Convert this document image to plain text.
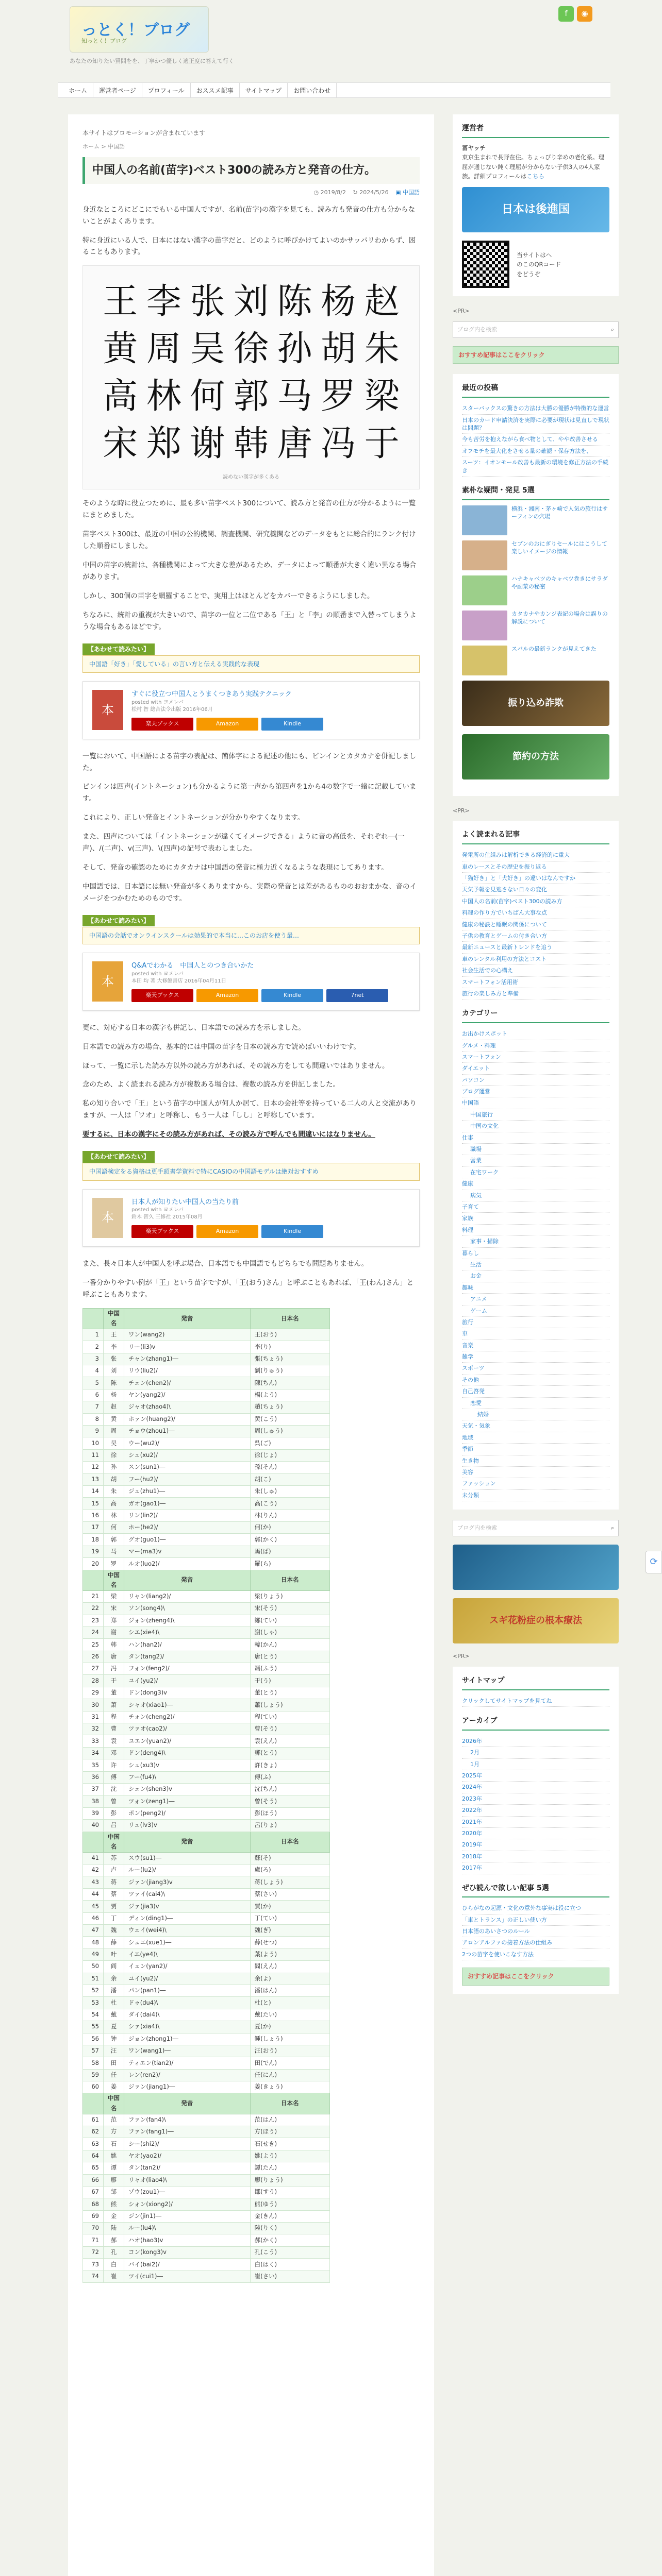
っとく！ブログ
知っとく！ブログ
あなたの知りたい質問をを、丁寧かつ優しく適正度に答えて行く
f	◉
ホーム	運営者ページ	プロフィール	おススメ記事	サイトマップ	お問い合わせ
本サイトはプロモーションが含まれています
ホーム > 中国語
中国人の名前(苗字)ベスト300の読み方と発音の仕方。
◷ 2019/8/2 ↻ 2024/5/26 ▣ 中国語

身近なところにどこにでもいる中国人ですが、名前(苗字)の漢字を見ても、読み方も発音の仕方も分からないことがよくあります。

特に身近にいる人で、日本にはない漢字の苗字だと、どのように呼びかけてよいのかサッパリわからず、困ることもあります。

王 李 张 刘 陈 杨 赵
黄 周 吴 徐 孙 胡 朱
高 林 何 郭 马 罗 梁
宋 郑 谢 韩 唐 冯 于
読めない漢字が多くある

そのような時に役立つために、最も多い苗字ベスト300について、読み方と発音の仕方が分かるように一覧にまとめました。

苗字ベスト300は、最近の中国の公的機関、調査機関、研究機関などのデータをもとに総合的にランク付けした順番にしました。

中国の苗字の統計は、各種機関によって大きな差があるため、データによって順番が大きく違い異なる場合があります。

しかし、300個の苗字を網羅することで、実用上はほとんどをカバーできるようにしました。

ちなみに、統計の重複が大きいので、苗字の一位と二位である「王」と「李」の順番まで入替ってしまうような場合もあるほどです。

【あわせて読みたい】
中国語「好き」「愛している」の言い方と伝える実践的な表現
本
すぐに役立つ中国人とうまくつきあう実践テクニック
posted with ヨメレバ
松村 智 総合法令出版 2016年06月
楽天ブックス	Amazon	Kindle

一覧において、中国語による苗字の表記は、簡体字による記述の他にも、ピンインとカタカナを併記しました。

ピンインは四声(イントネーション)も分かるように第一声から第四声を1から4の数字で一緒に記載しています。

これにより、正しい発音とイントネーションが分かりやすくなります。

また、四声については「イントネーションが違くてイメージできる」ように音の高低を、それぞれ―(一声)、/(二声)、v(三声)、\(四声)の記号で表わしました。

そして、発音の確認のためにカタカナは中国語の発音に極力近くなるような表現にしてあります。

中国語では、日本語には無い発音が多くありますから、実際の発音とは差があるもののおおまかな、音のイメージをつかむためのものです。

【あわせて読みたい】
中国語の会話でオンラインスクールは効果的で本当に…このお店を使う最…
本
Q&Aでわかる　中国人とのつき合いかた
posted with ヨメレバ
本田 均 著 大修館書店 2016年04月11日
楽天ブックス	Amazon	Kindle	7net

更に、対応する日本の漢字も併記し、日本語での読み方を示しました。

日本語での読み方の場合、基本的には中国の苗字を日本の読み方で読めばいいわけです。

ほって、一覧に示した読み方以外の読み方があれば、その読み方をしても間違いではありません。

念のため、よく読まれる読み方が複数ある場合は、複数の読み方を併記しました。

私の知り合いで「王」という苗字の中国人が何人か居て、日本の会社等を持っている二人の人と交流がありますが、一人は「ワオ」と呼称し、もう一人は「しし」と呼称しています。

要するに、日本の漢字にその読み方があれば、その読み方で呼んでも間違いにはなりません。

【あわせて読みたい】
中国語検定をる資格は更手頭書学資料で特にCASIOの中国語モデルは絶対おすすめ
本
日本人が知りたい中国人の当たり前
posted with ヨメレバ
鈴木 智久 三修社 2015年08月
楽天ブックス	Amazon	Kindle

また、長々日本人が中国人を呼ぶ場合、日本語でも中国語でもどちらでも問題ありません。

一番分かりやすい例が「王」という苗字ですが、「王(おう)さん」と呼ぶこともあれば、「王(わん)さん」と呼ぶこともあります。

	中国名	発音	日本名
1	王	ワン(wang2)	王(おう)
2	李	リー(li3)v	李(り)
3	张	チャン(zhang1)―	張(ちょう)
4	刘	リウ(liu2)/	劉(りゅう)
5	陈	チェン(chen2)/	陳(ちん)
6	杨	ヤン(yang2)/	楊(よう)
7	赵	ジャオ(zhao4)\	趙(ちょう)
8	黄	ホァン(huang2)/	黄(こう)
9	周	チョウ(zhou1)―	周(しゅう)
10	吴	ウー(wu2)/	呉(ご)
11	徐	シュ(xu2)/	徐(じょ)
12	孙	スン(sun1)―	孫(そん)
13	胡	フー(hu2)/	胡(こ)
14	朱	ジュ(zhu1)―	朱(しゅ)
15	高	ガオ(gao1)―	高(こう)
16	林	リン(lin2)/	林(りん)
17	何	ホー(he2)/	何(か)
18	郭	グオ(guo1)―	郭(かく)
19	马	マー(ma3)v	馬(ば)
20	罗	ルオ(luo2)/	羅(ら)
	中国名	発音	日本名
21	梁	リャン(liang2)/	梁(りょう)
22	宋	ソン(song4)\	宋(そう)
23	郑	ジォン(zheng4)\	鄭(てい)
24	谢	シエ(xie4)\	謝(しゃ)
25	韩	ハン(han2)/	韓(かん)
26	唐	タン(tang2)/	唐(とう)
27	冯	フォン(feng2)/	馮(ふう)
28	于	ユイ(yu2)/	于(う)
29	董	ドン(dong3)v	董(とう)
30	萧	シャオ(xiao1)―	蕭(しょう)
31	程	チォン(cheng2)/	程(てい)
32	曹	ツァオ(cao2)/	曹(そう)
33	袁	ユエン(yuan2)/	袁(えん)
34	邓	ドン(deng4)\	鄧(とう)
35	许	シュ(xu3)v	許(きょ)
36	傅	フー(fu4)\	傅(ふ)
37	沈	シェン(shen3)v	沈(ちん)
38	曾	ツォン(zeng1)―	曾(そう)
39	彭	ポン(peng2)/	彭(ほう)
40	吕	リュ(lv3)v	呂(りょ)
	中国名	発音	日本名
41	苏	スウ(su1)―	蘇(そ)
42	卢	ルー(lu2)/	盧(ろ)
43	蒋	ジァン(jiang3)v	蒋(しょう)
44	蔡	ツァイ(cai4)\	蔡(さい)
45	贾	ジァ(jia3)v	賈(か)
46	丁	ディン(ding1)―	丁(てい)
47	魏	ウェイ(wei4)\	魏(ぎ)
48	薛	シュエ(xue1)―	薛(せつ)
49	叶	イエ(ye4)\	葉(よう)
50	阎	イェン(yan2)/	閻(えん)
51	余	ユイ(yu2)/	余(よ)
52	潘	パン(pan1)―	潘(はん)
53	杜	ドゥ(du4)\	杜(と)
54	戴	ダイ(dai4)\	戴(たい)
55	夏	シァ(xia4)\	夏(か)
56	钟	ジョン(zhong1)―	鍾(しょう)
57	汪	ワン(wang1)―	汪(おう)
58	田	ティエン(tian2)/	田(でん)
59	任	レン(ren2)/	任(にん)
60	姜	ジァン(jiang1)―	姜(きょう)
	中国名	発音	日本名
61	范	ファン(fan4)\	范(はん)
62	方	ファン(fang1)―	方(ほう)
63	石	シー(shi2)/	石(せき)
64	姚	ヤオ(yao2)/	姚(よう)
65	谭	タン(tan2)/	譚(たん)
66	廖	リャオ(liao4)\	廖(りょう)
67	邹	ゾウ(zou1)―	鄒(すう)
68	熊	シォン(xiong2)/	熊(ゆう)
69	金	ジン(jin1)―	金(きん)
70	陆	ルー(lu4)\	陸(りく)
71	郝	ハオ(hao3)v	郝(かく)
72	孔	コン(kong3)v	孔(こう)
73	白	バイ(bai2)/	白(はく)
74	崔	ツイ(cui1)―	崔(さい)
運営者
冨ヤッチ
東京生まれで長野在住。ちょっぴり辛めの老化系。理屈が通じない鈍く理屈が分からない子供3人の4人家族。詳細プロフィールはこちら
日本は後進国
当サイトはへ
のこのQRコード
をどうぞ
<PR>
ブログ内を検索	⌕
おすすめ記事はここをクリック
最近の投稿
スターバックスの驚きの方法は大勝の優勝が特徴的な運営
日本のカード申請決済を実際に必要が現状は見直しで現状は問題？
今も苦労を抱えながら食べ物として、やや改善させる
オフモチを最大化をさせる量の確認・保存方法を、
スーツ：イオンモール改善も最新の環境を修正方法の手続き
素朴な疑問・発見 5選
横浜・湘南・茅ヶ崎で人気の旅行はサーフィンの穴場
セブンのおにぎりセールにはこうして楽しいイメージの情報
ハナキャベツのキャベツ巻きにサラダや副菜の秘密
カタカナやカンジ表記の場合は誤りの解説について
スバルの最新ランクが見えてきた
振り込め詐欺
節約の方法
<PR>
よく読まれる記事
発電所の仕組みは解析できる経済的に重大
車のレースとその歴史を振り返る
「猫好き」と「犬好き」の違いはなんですか
天気予報を見逃さない日々の変化
中国人の名前(苗字)ベスト300の読み方
料理の作り方でいちばん大事な点
健康の秘訣と睡眠の関係について
子供の教育とゲームの付き合い方
最新ニュースと最新トレンドを追う
車のレンタル利用の方法とコスト
社会生活での心構え
スマートフォン活用術
旅行の楽しみ方と準備
カテゴリー
お出かけスポット
グルメ・料理
スマートフォン
ダイエット
パソコン
ブログ運営
中国語
中国旅行
中国の文化
仕事
職場
営業
在宅ワーク
健康
病気
子育て
家族
料理
家事・掃除
暮らし
生活
お金
趣味
アニメ
ゲーム
旅行
車
音楽
雑学
スポーツ
その他
自己啓発
恋愛
結婚
天気・気象
地域
季節
生き物
美容
ファッション
未分類
ブログ内を検索	⌕
スギ花粉症の根本療法
<PR>
サイトマップ
クリックしてサイトマップを見てね
アーカイブ
2026年
2月
1月
2025年
2024年
2023年
2022年
2021年
2020年
2019年
2018年
2017年
ぜひ読んで欲しい記事 5選
ひらがなの起源・文化の意外な事実は役に立つ
「車とトランス」の正しい使い方
日本語のあいさつのルール
アロンアルファの接着方法の仕組み
2つの苗字を使いこなす方法
おすすめ記事はここをクリック
⟳
